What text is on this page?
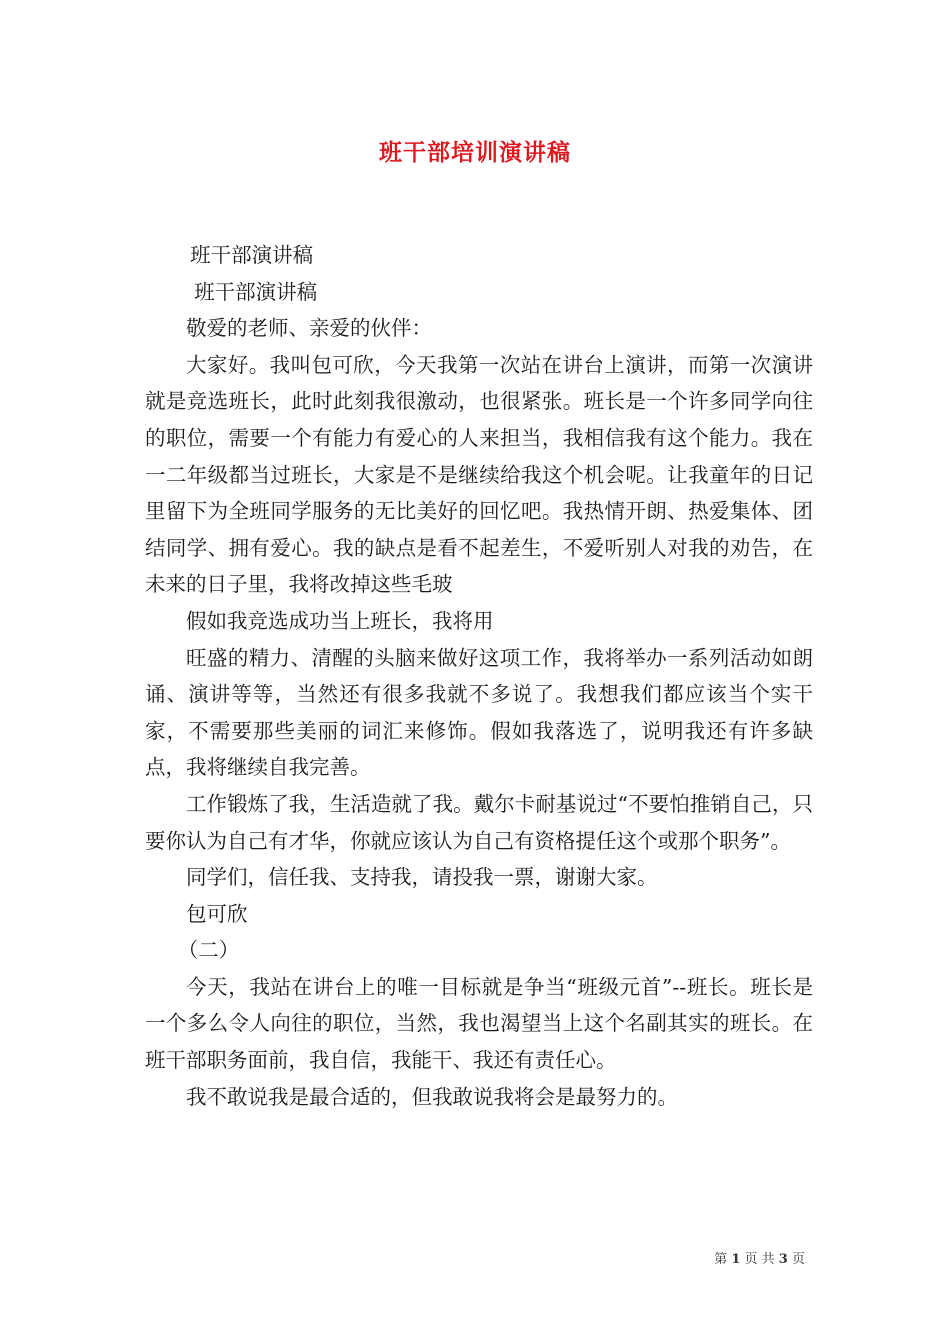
班干部培训演讲稿

班干部演讲稿

班干部演讲稿

敬爱的老师、亲爱的伙伴：

大家好。我叫包可欣，今天我第一次站在讲台上演讲，而第一次演讲就是竞选班长，此时此刻我很激动，也很紧张。班长是一个许多同学向往的职位，需要一个有能力有爱心的人来担当，我相信我有这个能力。我在一二年级都当过班长，大家是不是继续给我这个机会呢。让我童年的日记里留下为全班同学服务的无比美好的回忆吧。我热情开朗、热爱集体、团结同学、拥有爱心。我的缺点是看不起差生，不爱听别人对我的劝告，在未来的日子里，我将改掉这些毛玻

假如我竞选成功当上班长，我将用

旺盛的精力、清醒的头脑来做好这项工作，我将举办一系列活动如朗诵、演讲等等，当然还有很多我就不多说了。我想我们都应该当个实干家，不需要那些美丽的词汇来修饰。假如我落选了，说明我还有许多缺点，我将继续自我完善。

工作锻炼了我，生活造就了我。戴尔卡耐基说过“不要怕推销自己，只要你认为自己有才华，你就应该认为自己有资格提任这个或那个职务”。

同学们，信任我、支持我，请投我一票，谢谢大家。

包可欣

（二）

今天，我站在讲台上的唯一目标就是争当“班级元首”--班长。班长是一个多么令人向往的职位，当然，我也渴望当上这个名副其实的班长。在班干部职务面前，我自信，我能干、我还有责任心。

我不敢说我是最合适的，但我敢说我将会是最努力的。

第 1 页 共 3 页
